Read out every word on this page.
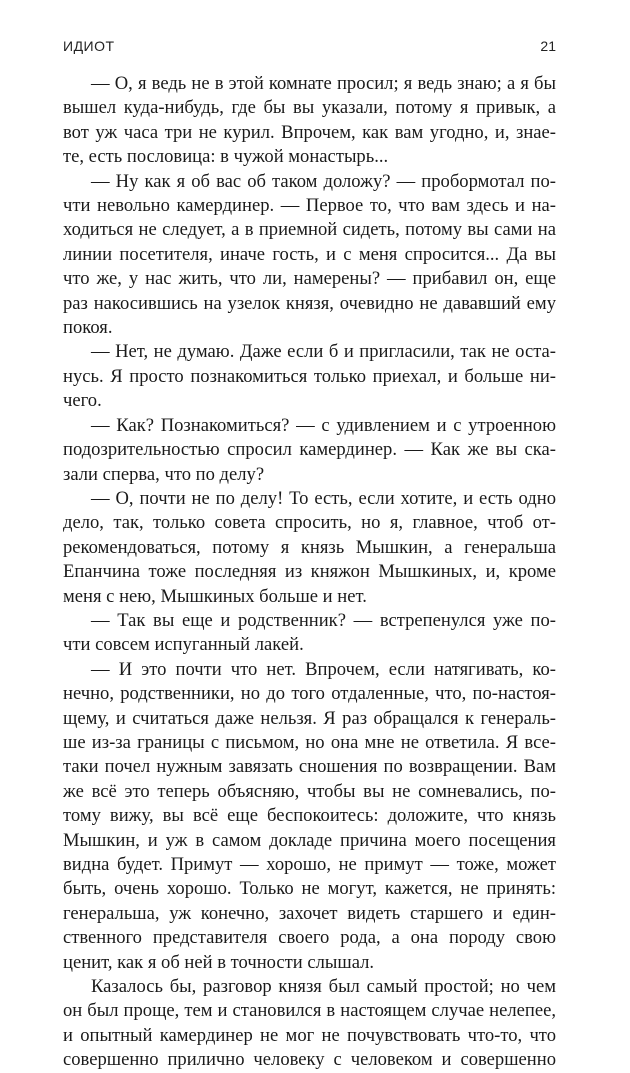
ИДИОТ	21

— О, я ведь не в этой комнате просил; я ведь знаю; а я бы
вышел куда-нибудь, где бы вы указали, потому я привык, а
вот уж часа три не курил. Впрочем, как вам угодно, и, знае-
те, есть пословица: в чужой монастырь...

— Ну как я об вас об таком доложу? — пробормотал по-
чти невольно камердинер. — Первое то, что вам здесь и на-
ходиться не следует, а в приемной сидеть, потому вы сами на
линии посетителя, иначе гость, и с меня спросится... Да вы
что же, у нас жить, что ли, намерены? — прибавил он, еще
раз накосившись на узелок князя, очевидно не дававший ему
покоя.

— Нет, не думаю. Даже если б и пригласили, так не оста-
нусь. Я просто познакомиться только приехал, и больше ни-
чего.

— Как? Познакомиться? — с удивлением и с утроенною
подозрительностью спросил камердинер. — Как же вы ска-
зали сперва, что по делу?

— О, почти не по делу! То есть, если хотите, и есть одно
дело, так, только совета спросить, но я, главное, чтоб от-
рекомендоваться, потому я князь Мышкин, а генеральша
Епанчина тоже последняя из княжон Мышкиных, и, кроме
меня с нею, Мышкиных больше и нет.

— Так вы еще и родственник? — встрепенулся уже по-
чти совсем испуганный лакей.

— И это почти что нет. Впрочем, если натягивать, ко-
нечно, родственники, но до того отдаленные, что, по-настоя-
щему, и считаться даже нельзя. Я раз обращался к генераль-
ше из-за границы с письмом, но она мне не ответила. Я все-
таки почел нужным завязать сношения по возвращении. Вам
же всё это теперь объясняю, чтобы вы не сомневались, по-
тому вижу, вы всё еще беспокоитесь: доложите, что князь
Мышкин, и уж в самом докладе причина моего посещения
видна будет. Примут — хорошо, не примут — тоже, может
быть, очень хорошо. Только не могут, кажется, не принять:
генеральша, уж конечно, захочет видеть старшего и един-
ственного представителя своего рода, а она породу свою
ценит, как я об ней в точности слышал.

Казалось бы, разговор князя был самый простой; но чем
он был проще, тем и становился в настоящем случае нелепее,
и опытный камердинер не мог не почувствовать что-то, что
совершенно прилично человеку с человеком и совершенно
